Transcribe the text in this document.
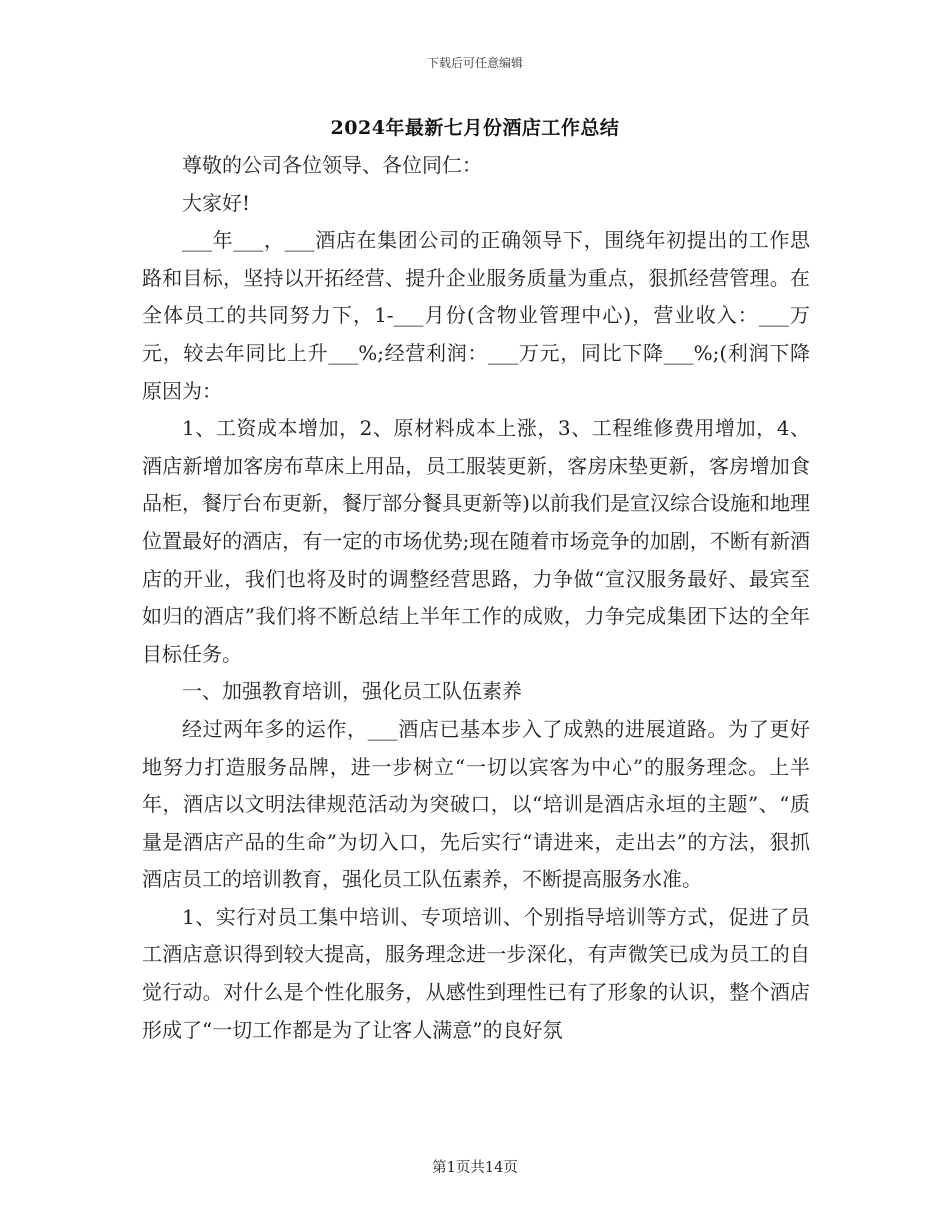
下载后可任意编辑
2024年最新七月份酒店工作总结

尊敬的公司各位领导、各位同仁：

大家好!

___年___，___酒店在集团公司的正确领导下，围绕年初提出的工作思路和目标，坚持以开拓经营、提升企业服务质量为重点，狠抓经营管理。在全体员工的共同努力下，1-___月份(含物业管理中心)，营业收入：___万元，较去年同比上升___%;经营利润：___万元，同比下降___%;(利润下降原因为：

1、工资成本增加，2、原材料成本上涨，3、工程维修费用增加，4、酒店新增加客房布草床上用品，员工服装更新，客房床垫更新，客房增加食品柜，餐厅台布更新，餐厅部分餐具更新等)以前我们是宣汉综合设施和地理位置最好的酒店，有一定的市场优势;现在随着市场竞争的加剧，不断有新酒店的开业，我们也将及时的调整经营思路，力争做“宣汉服务最好、最宾至如归的酒店”我们将不断总结上半年工作的成败，力争完成集团下达的全年目标任务。

一、加强教育培训，强化员工队伍素养

经过两年多的运作，___酒店已基本步入了成熟的进展道路。为了更好地努力打造服务品牌，进一步树立“一切以宾客为中心”的服务理念。上半年，酒店以文明法律规范活动为突破口，以“培训是酒店永垣的主题”、“质量是酒店产品的生命”为切入口，先后实行“请进来，走出去”的方法，狠抓酒店员工的培训教育，强化员工队伍素养，不断提高服务水准。

1、实行对员工集中培训、专项培训、个别指导培训等方式，促进了员工酒店意识得到较大提高，服务理念进一步深化，有声微笑已成为员工的自觉行动。对什么是个性化服务，从感性到理性已有了形象的认识，整个酒店形成了“一切工作都是为了让客人满意”的良好氛

第1页共14页
